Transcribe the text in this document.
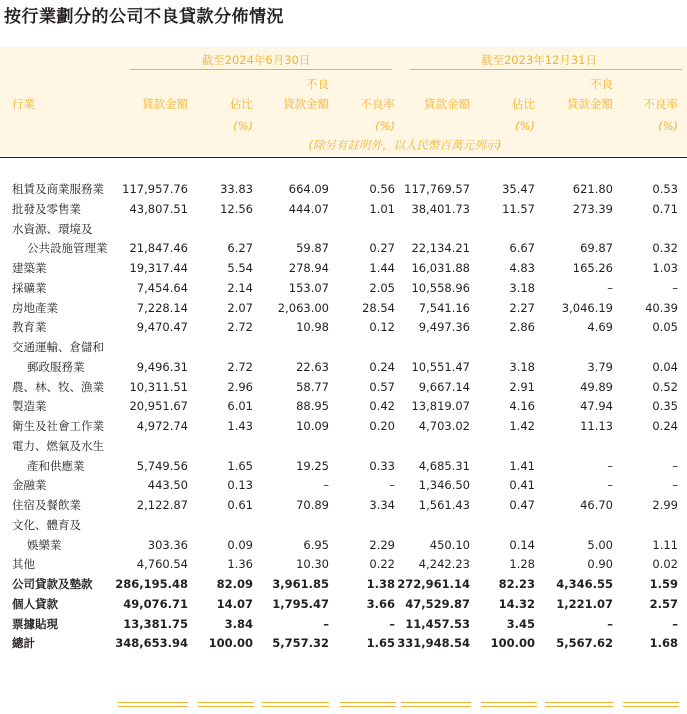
按行業劃分的公司不良貸款分佈情況
截至2024年6月30日	截至2023年12月31日
不良	不良
行業	貸款金額	佔比	貸款金額	不良率	貸款金額	佔比	貸款金額	不良率
(%)	(%)	(%)	(%)
(除另有註明外，以人民幣百萬元列示)
租賃及商業服務業 117,957.76	33.83	664.09	0.56 117,769.57	35.47	621.80	0.53
批發及零售業	43,807.51	12.56	444.07	1.01 38,401.73	11.57	273.39	0.71
水資源、環境及
公共設施管理業 21,847.46	6.27	59.87	0.27 22,134.21	6.67	69.87	0.32
建築業	19,317.44	5.54	278.94	1.44 16,031.88	4.83	165.26	1.03
採礦業	7,454.64	2.14	153.07	2.05 10,558.96	3.18	–	–
房地產業	7,228.14	2.07 2,063.00	28.54 7,541.16	2.27 3,046.19	40.39
教育業	9,470.47	2.72	10.98	0.12 9,497.36	2.86	4.69	0.05
交通運輸、倉儲和
郵政服務業	9,496.31	2.72	22.63	0.24 10,551.47	3.18	3.79	0.04
農、林、牧、漁業 10,311.51	2.96	58.77	0.57 9,667.14	2.91	49.89	0.52
製造業	20,951.67	6.01	88.95	0.42 13,819.07	4.16	47.94	0.35
衛生及社會工作業	4,972.74	1.43	10.09	0.20 4,703.02	1.42	11.13	0.24
電力、燃氣及水生
產和供應業	5,749.56	1.65	19.25	0.33 4,685.31	1.41	–	–
金融業	443.50	0.13	–	– 1,346.50	0.41	–	–
住宿及餐飲業	2,122.87	0.61	70.89	3.34 1,561.43	0.47	46.70	2.99
文化、體育及
娛樂業	303.36	0.09	6.95	2.29	450.10	0.14	5.00	1.11
其他	4,760.54	1.36	10.30	0.22 4,242.23	1.28	0.90	0.02
公司貸款及墊款 286,195.48 82.09 3,961.85	1.38 272,961.14 82.23 4,346.55	1.59
個人貸款	49,076.71 14.07 1,795.47	3.66 47,529.87 14.32 1,221.07	2.57
票據貼現	13,381.75	3.84	–	– 11,457.53	3.45	–	–
總計	348,653.94 100.00 5,757.32	1.65 331,948.54 100.00 5,567.62	1.68
